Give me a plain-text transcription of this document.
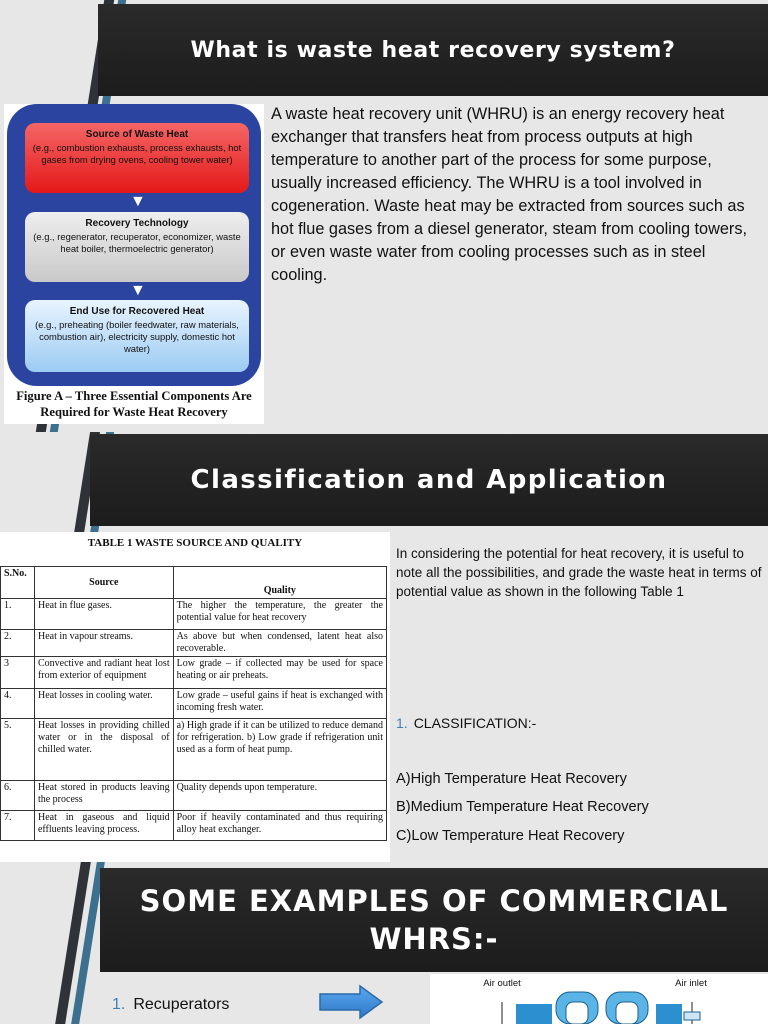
What is waste heat recovery system?
Source of Waste Heat
(e.g., combustion exhausts, process exhausts, hot gases from drying ovens, cooling tower water)
▼
Recovery Technology
(e.g., regenerator, recuperator, economizer, waste heat boiler, thermoelectric generator)
▼
End Use for Recovered Heat
(e.g., preheating (boiler feedwater, raw materials, combustion air), electricity supply, domestic hot water)
Figure A – Three Essential Components Are Required for Waste Heat Recovery

A waste heat recovery unit (WHRU) is an energy recovery heat exchanger that transfers heat from process outputs at high temperature to another part of the process for some purpose, usually increased efficiency. The WHRU is a tool involved in cogeneration. Waste heat may be extracted from sources such as hot flue gases from a diesel generator, steam from cooling towers, or even waste water from cooling processes such as in steel cooling.

Classification and Application
TABLE 1 WASTE SOURCE AND QUALITY
S.No.	Source	Quality
1.	Heat in flue gases.	The higher the temperature, the greater the potential value for heat recovery
2.	Heat in vapour streams.	As above but when condensed, latent heat also recoverable.
3	Convective and radiant heat lost from exterior of equipment	Low grade – if collected may be used for space heating or air preheats.
4.	Heat losses in cooling water.	Low grade – useful gains if heat is exchanged with incoming fresh water.
5.	Heat losses in providing chilled water or in the disposal of chilled water.	a) High grade if it can be utilized to reduce demand for refrigeration. b) Low grade if refrigeration unit used as a form of heat pump.
6.	Heat stored in products leaving the process	Quality depends upon temperature.
7.	Heat in gaseous and liquid effluents leaving process.	Poor if heavily contaminated and thus requiring alloy heat exchanger.

In considering the potential for heat recovery, it is useful to note all the possibilities, and grade the waste heat in terms of potential value as shown in the following Table 1

1. CLASSIFICATION:-
A)High Temperature Heat Recovery
B)Medium Temperature Heat Recovery
C)Low Temperature Heat Recovery
SOME EXAMPLES OF COMMERCIAL
WHRS:-
1. Recuperators
Air outlet	Air inlet
